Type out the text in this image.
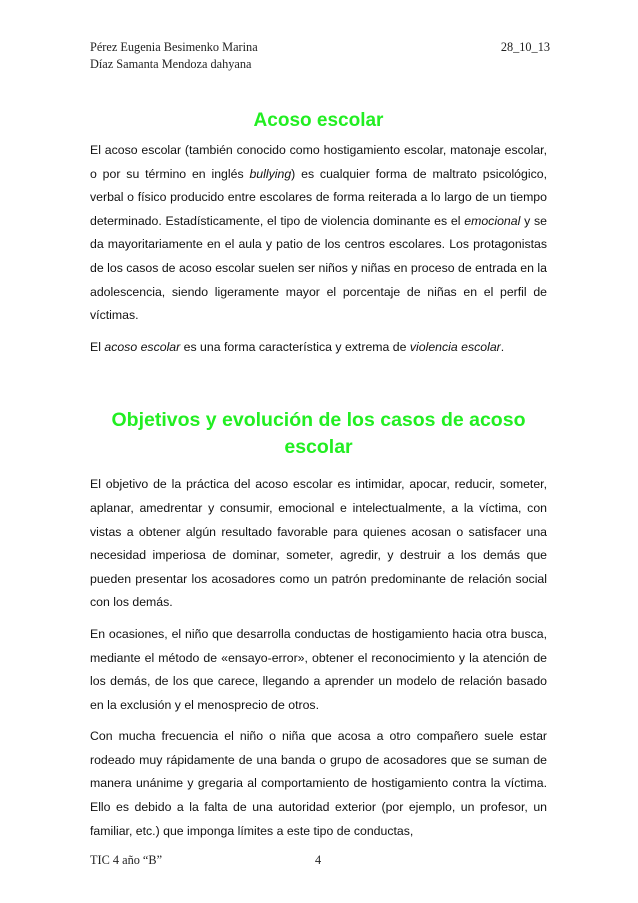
Pérez Eugenia Besimenko Marina
Díaz Samanta Mendoza dahyana
28_10_13
Acoso escolar

El acoso escolar (también conocido como hostigamiento escolar, matonaje escolar, o por su término en inglés bullying) es cualquier forma de maltrato psicológico, verbal o físico producido entre escolares de forma reiterada a lo largo de un tiempo determinado. Estadísticamente, el tipo de violencia dominante es el emocional y se da mayoritariamente en el aula y patio de los centros escolares. Los protagonistas de los casos de acoso escolar suelen ser niños y niñas en proceso de entrada en la adolescencia, siendo ligeramente mayor el porcentaje de niñas en el perfil de víctimas.

El acoso escolar es una forma característica y extrema de violencia escolar.

Objetivos y evolución de los casos de acoso
escolar

El objetivo de la práctica del acoso escolar es intimidar, apocar, reducir, someter, aplanar, amedrentar y consumir, emocional e intelectualmente, a la víctima, con vistas a obtener algún resultado favorable para quienes acosan o satisfacer una necesidad imperiosa de dominar, someter, agredir, y destruir a los demás que pueden presentar los acosadores como un patrón predominante de relación social con los demás.

En ocasiones, el niño que desarrolla conductas de hostigamiento hacia otra busca, mediante el método de «ensayo-error», obtener el reconocimiento y la atención de los demás, de los que carece, llegando a aprender un modelo de relación basado en la exclusión y el menosprecio de otros.

Con mucha frecuencia el niño o niña que acosa a otro compañero suele estar rodeado muy rápidamente de una banda o grupo de acosadores que se suman de manera unánime y gregaria al comportamiento de hostigamiento contra la víctima. Ello es debido a la falta de una autoridad exterior (por ejemplo, un profesor, un familiar, etc.) que imponga límites a este tipo de conductas,

TIC 4 año “B”	4
